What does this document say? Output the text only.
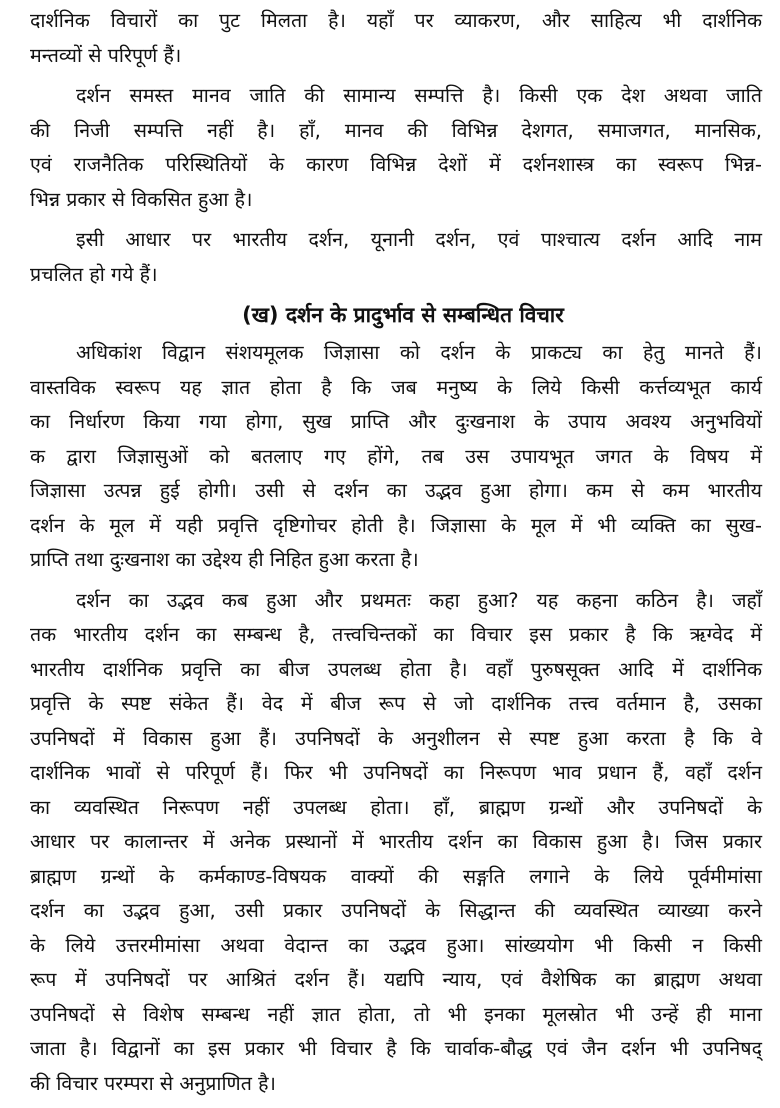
दार्शनिक विचारों का पुट मिलता है। यहाँ पर व्याकरण, और साहित्य भी दार्शनिक
मन्तव्यों से परिपूर्ण हैं।

दर्शन समस्त मानव जाति की सामान्य सम्पत्ति है। किसी एक देश अथवा जाति
की निजी सम्पत्ति नहीं है। हाँ, मानव की विभिन्न देशगत, समाजगत, मानसिक,
एवं राजनैतिक परिस्थितियों के कारण विभिन्न देशों में दर्शनशास्त्र का स्वरूप भिन्न-
भिन्न प्रकार से विकसित हुआ है।

इसी आधार पर भारतीय दर्शन, यूनानी दर्शन, एवं पाश्चात्य दर्शन आदि नाम
प्रचलित हो गये हैं।

(ख) दर्शन के प्रादुर्भाव से सम्बन्धित विचार

अधिकांश विद्वान संशयमूलक जिज्ञासा को दर्शन के प्राकट्य का हेतु मानते हैं।
वास्तविक स्वरूप यह ज्ञात होता है कि जब मनुष्य के लिये किसी कर्त्तव्यभूत कार्य
का निर्धारण किया गया होगा, सुख प्राप्ति और दुःखनाश के उपाय अवश्य अनुभवियों
क द्वारा जिज्ञासुओं को बतलाए गए होंगे, तब उस उपायभूत जगत के विषय में
जिज्ञासा उत्पन्न हुई होगी। उसी से दर्शन का उद्भव हुआ होगा। कम से कम भारतीय
दर्शन के मूल में यही प्रवृत्ति दृष्टिगोचर होती है। जिज्ञासा के मूल में भी व्यक्ति का सुख-
प्राप्ति तथा दुःखनाश का उद्देश्य ही निहित हुआ करता है।

दर्शन का उद्भव कब हुआ और प्रथमतः कहा हुआ? यह कहना कठिन है। जहाँ
तक भारतीय दर्शन का सम्बन्ध है, तत्त्वचिन्तकों का विचार इस प्रकार है कि ऋग्वेद में
भारतीय दार्शनिक प्रवृत्ति का बीज उपलब्ध होता है। वहाँ पुरुषसूक्त आदि में दार्शनिक
प्रवृत्ति के स्पष्ट संकेत हैं। वेद में बीज रूप से जो दार्शनिक तत्त्व वर्तमान है, उसका
उपनिषदों में विकास हुआ हैं। उपनिषदों के अनुशीलन से स्पष्ट हुआ करता है कि वे
दार्शनिक भावों से परिपूर्ण हैं। फिर भी उपनिषदों का निरूपण भाव प्रधान हैं, वहाँ दर्शन
का व्यवस्थित निरूपण नहीं उपलब्ध होता। हाँ, ब्राह्मण ग्रन्थों और उपनिषदों के
आधार पर कालान्तर में अनेक प्रस्थानों में भारतीय दर्शन का विकास हुआ है। जिस प्रकार
ब्राह्मण ग्रन्थों के कर्मकाण्ड-विषयक वाक्यों की सङ्गति लगाने के लिये पूर्वमीमांसा
दर्शन का उद्भव हुआ, उसी प्रकार उपनिषदों के सिद्धान्त की व्यवस्थित व्याख्या करने
के लिये उत्तरमीमांसा अथवा वेदान्त का उद्भव हुआ। सांख्ययोग भी किसी न किसी
रूप में उपनिषदों पर आश्रितं दर्शन हैं। यद्यपि न्याय, एवं वैशेषिक का ब्राह्मण अथवा
उपनिषदों से विशेष सम्बन्ध नहीं ज्ञात होता, तो भी इनका मूलस्रोत भी उन्हें ही माना
जाता है। विद्वानों का इस प्रकार भी विचार है कि चार्वाक-बौद्ध एवं जैन दर्शन भी उपनिषद्
की विचार परम्परा से अनुप्राणित है।
